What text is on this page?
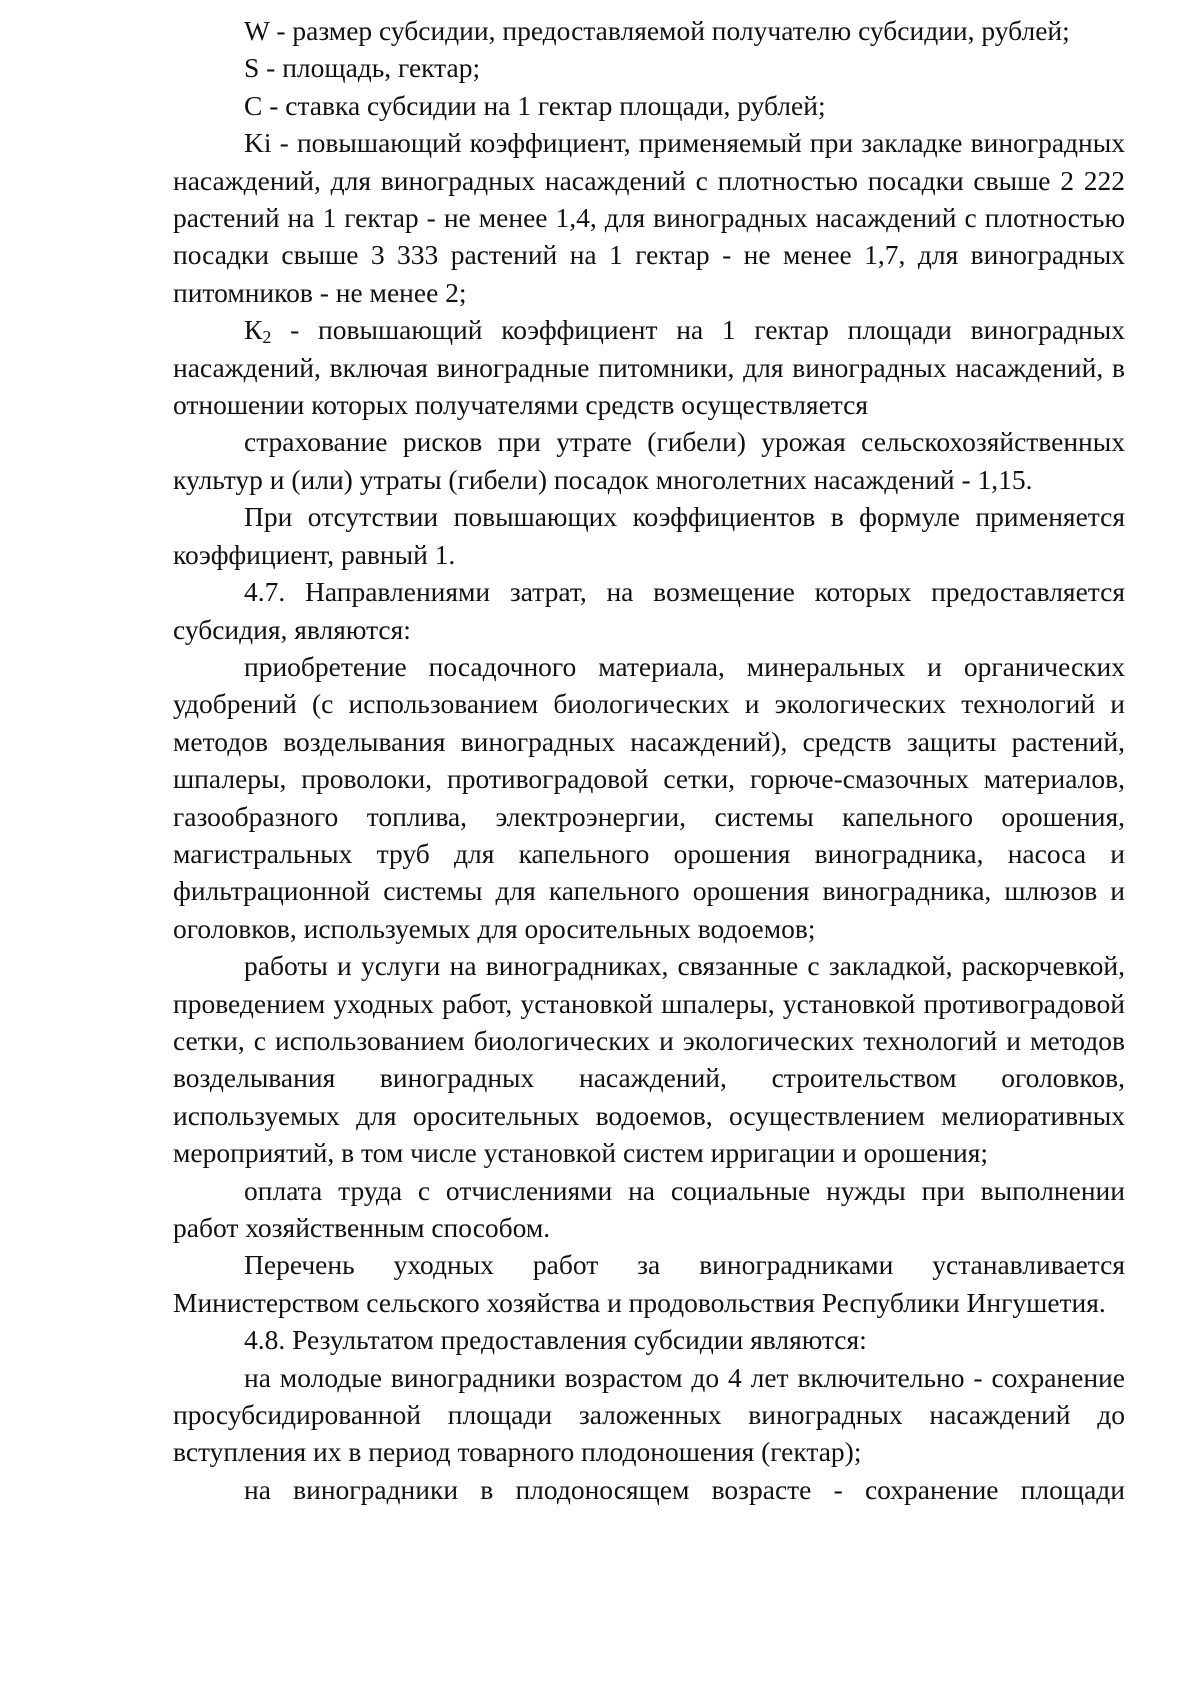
W - размер субсидии, предоставляемой получателю субсидии, рублей;

S - площадь, гектар;

С - ставка субсидии на 1 гектар площади, рублей;

Ki - повышающий коэффициент, применяемый при закладке виноградных насаждений, для виноградных насаждений с плотностью посадки свыше 2 222 растений на 1 гектар - не менее 1,4, для виноградных насаждений с плотностью посадки свыше 3 333 растений на 1 гектар - не менее 1,7, для виноградных питомников - не менее 2;

$К_2$ - повышающий коэффициент на 1 гектар площади виноградных насаждений, включая виноградные питомники, для виноградных насаждений, в отношении которых получателями средств осуществляется

страхование рисков при утрате (гибели) урожая сельскохозяйственных культур и (или) утраты (гибели) посадок многолетних насаждений - 1,15.

При отсутствии повышающих коэффициентов в формуле применяется коэффициент, равный 1.

4.7. Направлениями затрат, на возмещение которых предоставляется субсидия, являются:

приобретение посадочного материала, минеральных и органических удобрений (с использованием биологических и экологических технологий и методов возделывания виноградных насаждений), средств защиты растений, шпалеры, проволоки, противоградовой сетки, горюче-смазочных материалов, газообразного топлива, электроэнергии, системы капельного орошения, магистральных труб для капельного орошения виноградника, насоса и фильтрационной системы для капельного орошения виноградника, шлюзов и оголовков, используемых для оросительных водоемов;

работы и услуги на виноградниках, связанные с закладкой, раскорчевкой, проведением уходных работ, установкой шпалеры, установкой противоградовой сетки, с использованием биологических и экологических технологий и методов возделывания виноградных насаждений, строительством оголовков, используемых для оросительных водоемов, осуществлением мелиоративных мероприятий, в том числе установкой систем ирригации и орошения;

оплата труда с отчислениями на социальные нужды при выполнении работ хозяйственным способом.

Перечень уходных работ за виноградниками устанавливается Министерством сельского хозяйства и продовольствия Республики Ингушетия.

4.8. Результатом предоставления субсидии являются:

на молодые виноградники возрастом до 4 лет включительно - сохранение просубсидированной площади заложенных виноградных насаждений до вступления их в период товарного плодоношения (гектар);

на виноградники в плодоносящем возрасте - сохранение площади
